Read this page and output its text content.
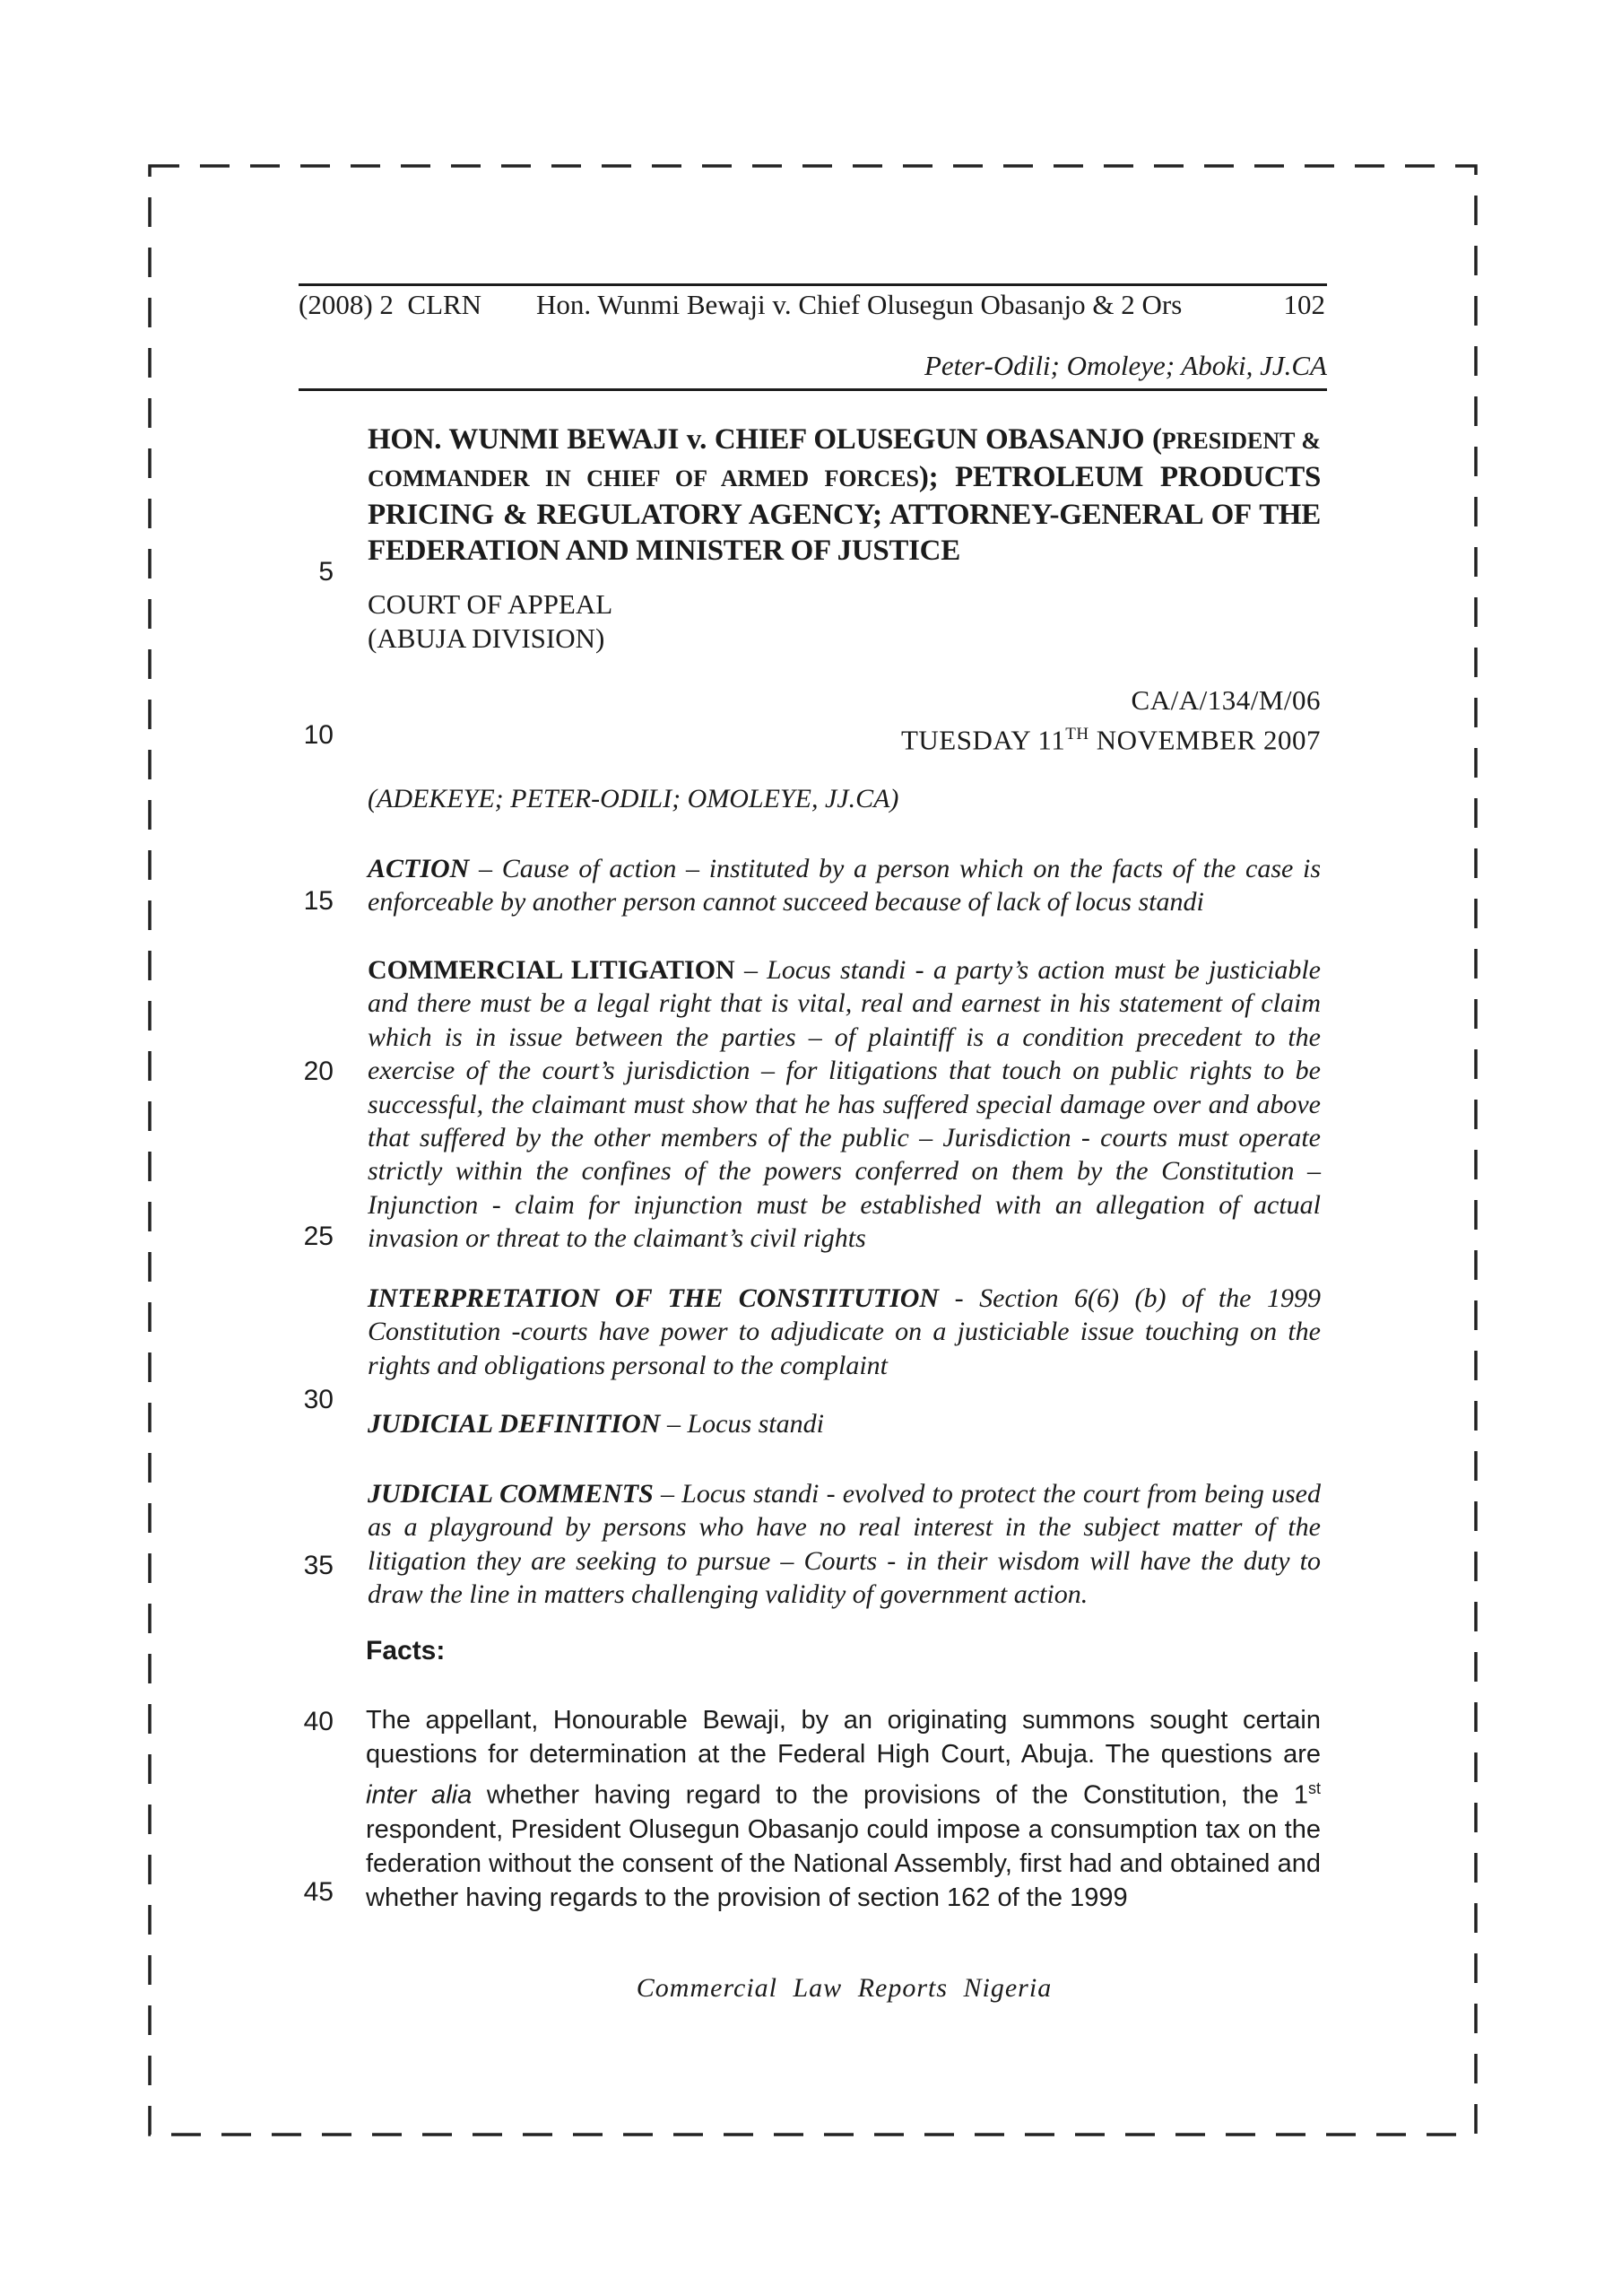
(2008) 2  CLRN Hon. Wunmi Bewaji v. Chief Olusegun Obasanjo & 2 Ors	102
Peter-Odili; Omoleye; Aboki, JJ.CA
HON. WUNMI BEWAJI v. CHIEF OLUSEGUN OBASANJO (PRESIDENT & COMMANDER IN CHIEF OF ARMED FORCES); PETROLEUM PRODUCTS PRICING & REGULATORY AGENCY; ATTORNEY-GENERAL OF THE FEDERATION AND MINISTER OF JUSTICE
COURT OF APPEAL
(ABUJA DIVISION)
CA/A/134/M/06
TUESDAY 11TH NOVEMBER 2007
(ADEKEYE; PETER-ODILI; OMOLEYE, JJ.CA)

ACTION – Cause of action – instituted by a person which on the facts of the case is enforceable by another person cannot succeed because of lack of locus standi

COMMERCIAL LITIGATION – Locus standi - a party’s action must be justiciable and there must be a legal right that is vital, real and earnest in his statement of claim which is in issue between the parties – of plaintiff is a condition precedent to the exercise of the court’s jurisdiction – for litigations that touch on public rights to be successful, the claimant must show that he has suffered special damage over and above that suffered by the other members of the public – Jurisdiction - courts must operate strictly within the confines of the powers conferred on them by the Constitution – Injunction - claim for injunction must be established with an allegation of actual invasion or threat to the claimant’s civil rights

INTERPRETATION OF THE CONSTITUTION - Section 6(6) (b) of the 1999 Constitution -courts have power to adjudicate on a justiciable issue touching on the rights and obligations personal to the complaint

JUDICIAL DEFINITION – Locus standi

JUDICIAL COMMENTS – Locus standi - evolved to protect the court from being used as a playground by persons who have no real interest in the subject matter of the litigation they are seeking to pursue – Courts - in their wisdom will have the duty to draw the line in matters challenging validity of government action.

Facts:

The appellant, Honourable Bewaji, by an originating summons sought certain questions for determination at the Federal High Court, Abuja. The questions are inter alia whether having regard to the provisions of the Constitution, the 1st respondent, President Olusegun Obasanjo could impose a consumption tax on the federation without the consent of the National Assembly, first had and obtained and whether having regards to the provision of section 162 of the 1999

5
10
15
20
25
30
35
40
45
Commercial Law Reports Nigeria
